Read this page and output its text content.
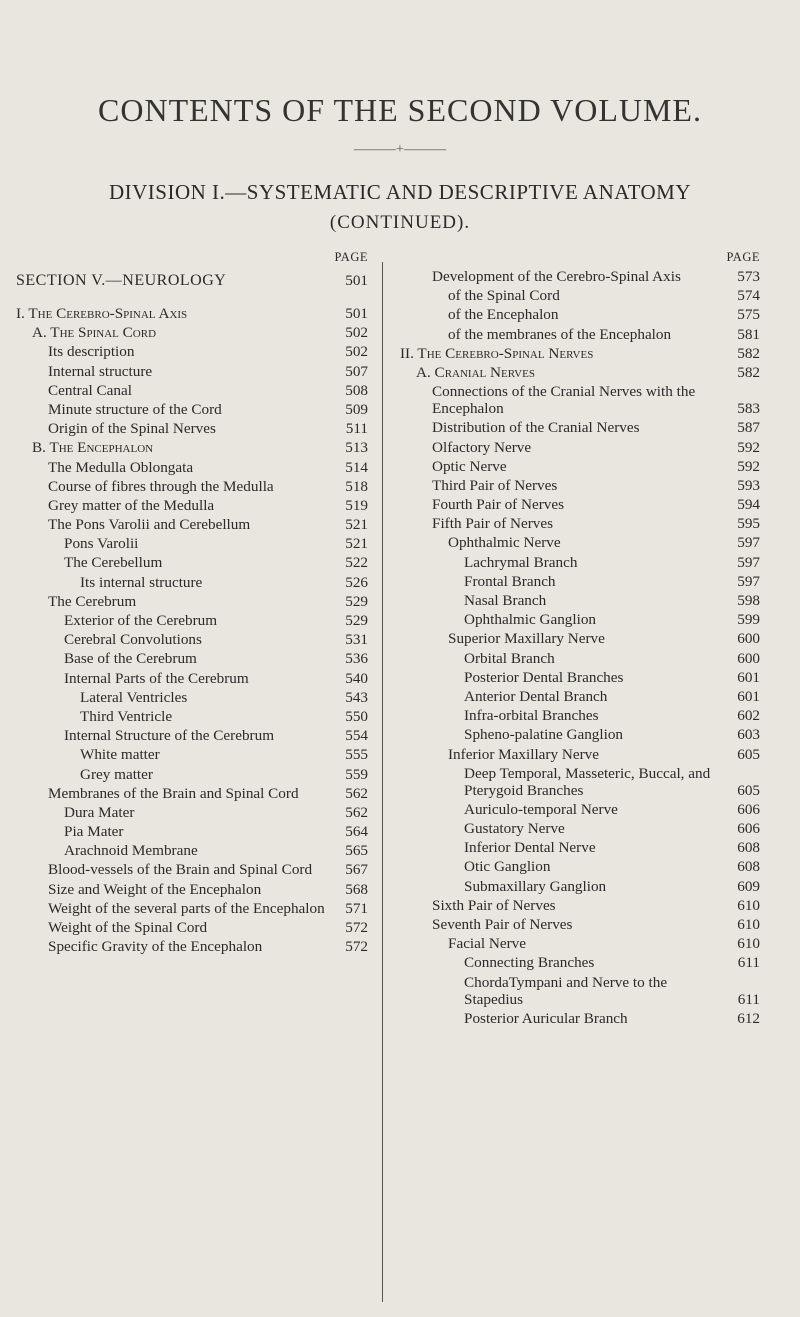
CONTENTS OF THE SECOND VOLUME.
———+———
DIVISION I.—SYSTEMATIC AND DESCRIPTIVE ANATOMY
(CONTINUED).
PAGE
SECTION V.—NEUROLOGY	501
I. The Cerebro-Spinal Axis	501
A. The Spinal Cord	502
Its description	502
Internal structure	507
Central Canal	508
Minute structure of the Cord	509
Origin of the Spinal Nerves	511
B. The Encephalon	513
The Medulla Oblongata	514
Course of fibres through the Medulla	518
Grey matter of the Medulla	519
The Pons Varolii and Cerebellum	521
Pons Varolii	521
The Cerebellum	522
Its internal structure	526
The Cerebrum	529
Exterior of the Cerebrum	529
Cerebral Convolutions	531
Base of the Cerebrum	536
Internal Parts of the Cerebrum	540
Lateral Ventricles	543
Third Ventricle	550
Internal Structure of the Cerebrum	554
White matter	555
Grey matter	559
Membranes of the Brain and Spinal Cord	562
Dura Mater	562
Pia Mater	564
Arachnoid Membrane	565
Blood-vessels of the Brain and Spinal Cord	567
Size and Weight of the Encephalon	568
Weight of the several parts of the Encephalon	571
Weight of the Spinal Cord	572
Specific Gravity of the Encephalon	572
PAGE
Development of the Cerebro-Spinal Axis	573
of the Spinal Cord	574
of the Encephalon	575
of the membranes of the Encephalon	581
II. The Cerebro-Spinal Nerves	582
A. Cranial Nerves	582
Connections of the Cranial Nerves with the Encephalon	583
Distribution of the Cranial Nerves	587
Olfactory Nerve	592
Optic Nerve	592
Third Pair of Nerves	593
Fourth Pair of Nerves	594
Fifth Pair of Nerves	595
Ophthalmic Nerve	597
Lachrymal Branch	597
Frontal Branch	597
Nasal Branch	598
Ophthalmic Ganglion	599
Superior Maxillary Nerve	600
Orbital Branch	600
Posterior Dental Branches	601
Anterior Dental Branch	601
Infra-orbital Branches	602
Spheno-palatine Ganglion	603
Inferior Maxillary Nerve	605
Deep Temporal, Masseteric, Buccal, and Pterygoid Branches	605
Auriculo-temporal Nerve	606
Gustatory Nerve	606
Inferior Dental Nerve	608
Otic Ganglion	608
Submaxillary Ganglion	609
Sixth Pair of Nerves	610
Seventh Pair of Nerves	610
Facial Nerve	610
Connecting Branches	611
ChordaTympani and Nerve to the Stapedius	611
Posterior Auricular Branch	612
